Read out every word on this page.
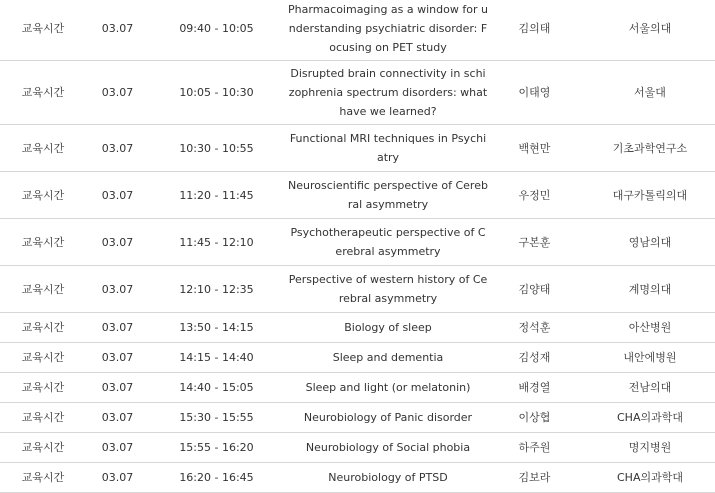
교육시간	03.07	09:40 - 10:05	Pharmacoimaging as a window for understanding psychiatric disorder: Focusing on PET study	김의태	서울의대
교육시간	03.07	10:05 - 10:30	Disrupted brain connectivity in schizophrenia spectrum disorders: what have we learned?	이태영	서울대
교육시간	03.07	10:30 - 10:55	Functional MRI techniques in Psychiatry	백현만	기초과학연구소
교육시간	03.07	11:20 - 11:45	Neuroscientific perspective of Cerebral asymmetry	우정민	대구카톨릭의대
교육시간	03.07	11:45 - 12:10	Psychotherapeutic perspective of Cerebral asymmetry	구본훈	영남의대
교육시간	03.07	12:10 - 12:35	Perspective of western history of Cerebral asymmetry	김양태	계명의대
교육시간	03.07	13:50 - 14:15	Biology of sleep	정석훈	아산병원
교육시간	03.07	14:15 - 14:40	Sleep and dementia	김성재	내안에병원
교육시간	03.07	14:40 - 15:05	Sleep and light (or melatonin)	배경열	전남의대
교육시간	03.07	15:30 - 15:55	Neurobiology of Panic disorder	이상협	CHA의과학대
교육시간	03.07	15:55 - 16:20	Neurobiology of Social phobia	하주원	명지병원
교육시간	03.07	16:20 - 16:45	Neurobiology of PTSD	김보라	CHA의과학대
